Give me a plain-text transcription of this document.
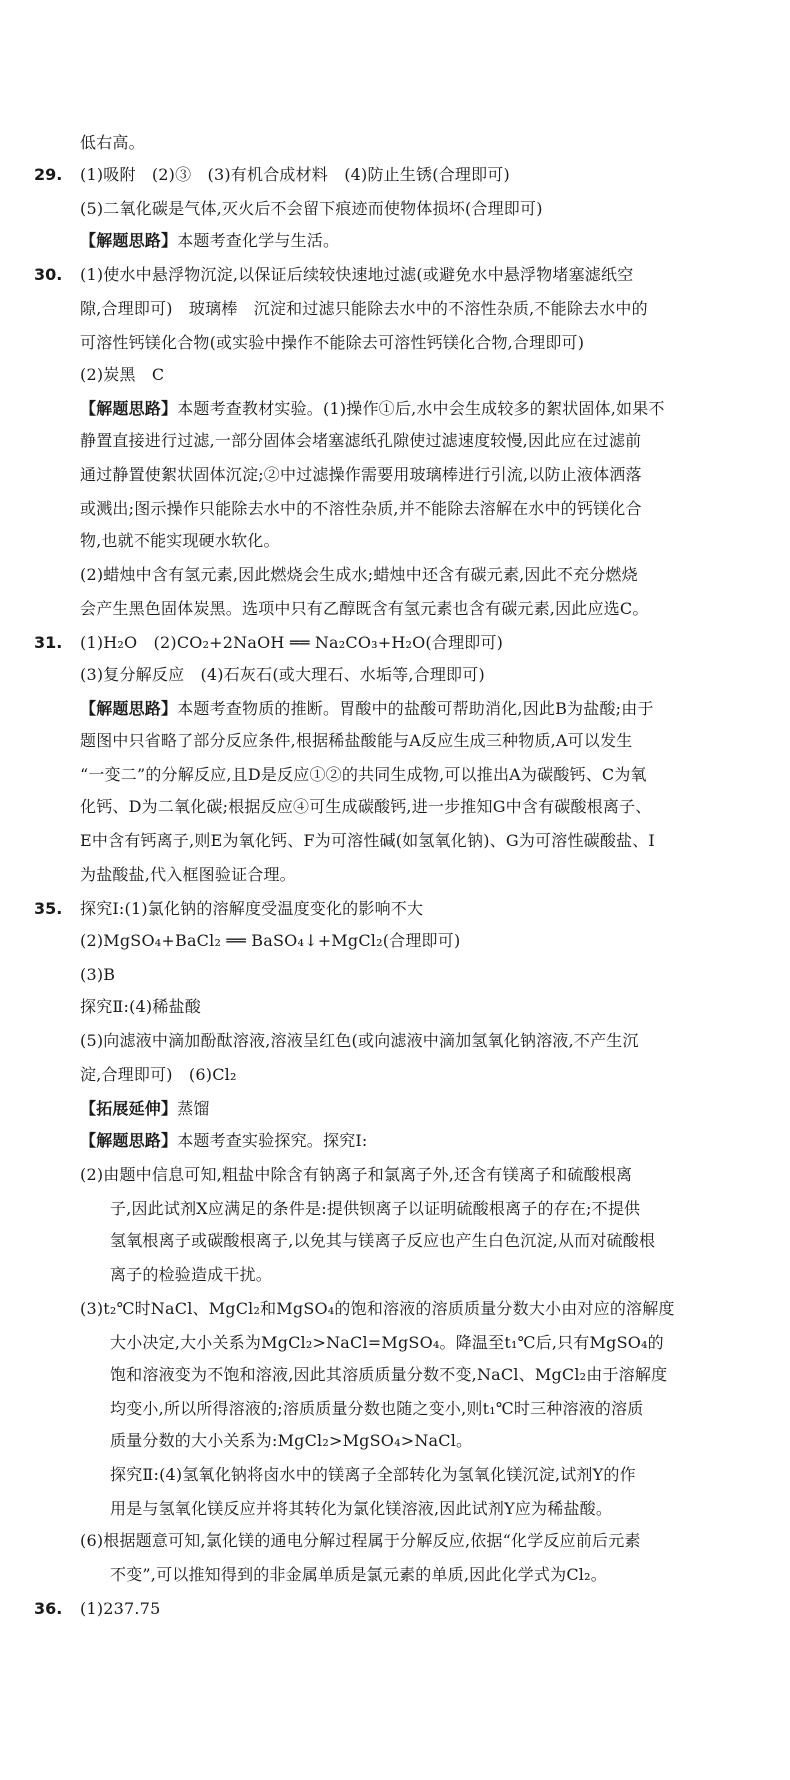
低右高。
29. (1)吸附　(2)③　(3)有机合成材料　(4)防止生锈(合理即可)
(5)二氧化碳是气体,灭火后不会留下痕迹而使物体损坏(合理即可)
【解题思路】本题考查化学与生活。
30. (1)使水中悬浮物沉淀,以保证后续较快速地过滤(或避免水中悬浮物堵塞滤纸空
隙,合理即可)　玻璃棒　沉淀和过滤只能除去水中的不溶性杂质,不能除去水中的
可溶性钙镁化合物(或实验中操作不能除去可溶性钙镁化合物,合理即可)
(2)炭黑　C
【解题思路】本题考查教材实验。(1)操作①后,水中会生成较多的絮状固体,如果不
静置直接进行过滤,一部分固体会堵塞滤纸孔隙使过滤速度较慢,因此应在过滤前
通过静置使絮状固体沉淀;②中过滤操作需要用玻璃棒进行引流,以防止液体洒落
或溅出;图示操作只能除去水中的不溶性杂质,并不能除去溶解在水中的钙镁化合
物,也就不能实现硬水软化。
(2)蜡烛中含有氢元素,因此燃烧会生成水;蜡烛中还含有碳元素,因此不充分燃烧
会产生黑色固体炭黑。选项中只有乙醇既含有氢元素也含有碳元素,因此应选C。
31. (1)H₂O　(2)CO₂+2NaOH ══ Na₂CO₃+H₂O(合理即可)
(3)复分解反应　(4)石灰石(或大理石、水垢等,合理即可)
【解题思路】本题考查物质的推断。胃酸中的盐酸可帮助消化,因此B为盐酸;由于
题图中只省略了部分反应条件,根据稀盐酸能与A反应生成三种物质,A可以发生
“一变二”的分解反应,且D是反应①②的共同生成物,可以推出A为碳酸钙、C为氧
化钙、D为二氧化碳;根据反应④可生成碳酸钙,进一步推知G中含有碳酸根离子、
E中含有钙离子,则E为氧化钙、F为可溶性碱(如氢氧化钠)、G为可溶性碳酸盐、I
为盐酸盐,代入框图验证合理。
35. 探究Ⅰ:(1)氯化钠的溶解度受温度变化的影响不大
(2)MgSO₄+BaCl₂ ══ BaSO₄↓+MgCl₂(合理即可)
(3)B
探究Ⅱ:(4)稀盐酸
(5)向滤液中滴加酚酞溶液,溶液呈红色(或向滤液中滴加氢氧化钠溶液,不产生沉
淀,合理即可)　(6)Cl₂
【拓展延伸】蒸馏
【解题思路】本题考查实验探究。探究Ⅰ:
(2)由题中信息可知,粗盐中除含有钠离子和氯离子外,还含有镁离子和硫酸根离
子,因此试剂X应满足的条件是:提供钡离子以证明硫酸根离子的存在;不提供
氢氧根离子或碳酸根离子,以免其与镁离子反应也产生白色沉淀,从而对硫酸根
离子的检验造成干扰。
(3)t₂℃时NaCl、MgCl₂和MgSO₄的饱和溶液的溶质质量分数大小由对应的溶解度
大小决定,大小关系为MgCl₂>NaCl=MgSO₄。降温至t₁℃后,只有MgSO₄的
饱和溶液变为不饱和溶液,因此其溶质质量分数不变,NaCl、MgCl₂由于溶解度
均变小,所以所得溶液的;溶质质量分数也随之变小,则t₁℃时三种溶液的溶质
质量分数的大小关系为:MgCl₂>MgSO₄>NaCl。
探究Ⅱ:(4)氢氧化钠将卤水中的镁离子全部转化为氢氧化镁沉淀,试剂Y的作
用是与氢氧化镁反应并将其转化为氯化镁溶液,因此试剂Y应为稀盐酸。
(6)根据题意可知,氯化镁的通电分解过程属于分解反应,依据“化学反应前后元素
不变”,可以推知得到的非金属单质是氯元素的单质,因此化学式为Cl₂。
36. (1)237.75
